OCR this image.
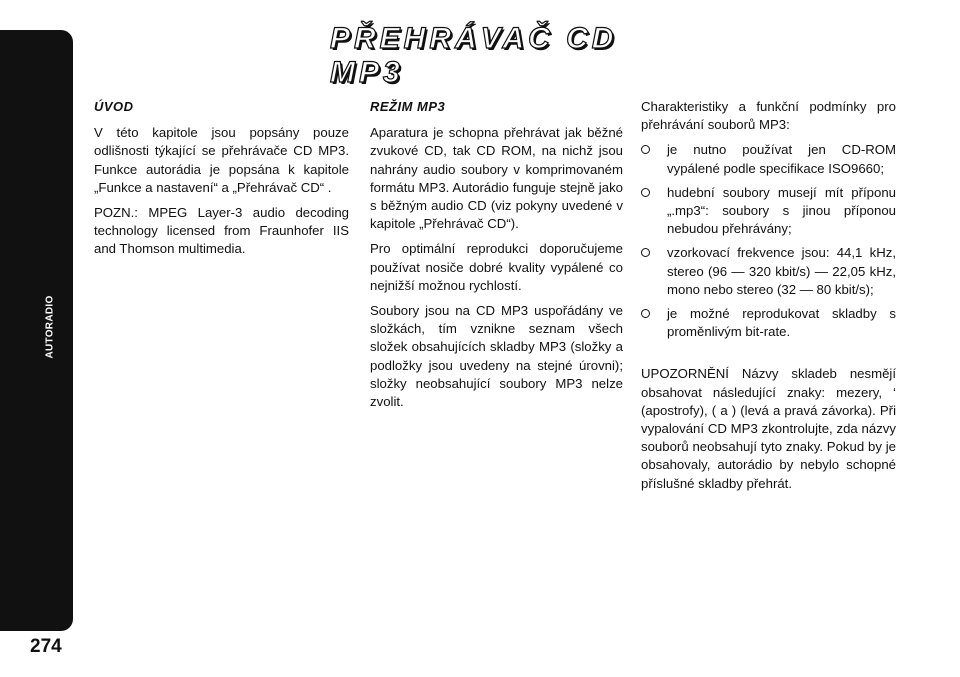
AUTORADIO
274
PŘEHRÁVAČ CD MP3
ÚVOD

V této kapitole jsou popsány pouze odlišnosti týkající se přehrávače CD MP3. Funkce autorádia je popsána k kapitole „Funkce a nastavení“ a „Přehrávač CD“ .

POZN.: MPEG Layer-3 audio decoding technology licensed from Fraunhofer IIS and Thomson multimedia.

REŽIM MP3

Aparatura je schopna přehrávat jak běžné zvukové CD, tak CD ROM, na nichž jsou nahrány audio soubory v komprimovaném formátu MP3. Autorádio funguje stejně jako s běžným audio CD (viz pokyny uvedené v kapitole „Přehrávač CD“).

Pro optimální reprodukci doporučujeme používat nosiče dobré kvality vypálené co nejnižší možnou rychlostí.

Soubory jsou na CD MP3 uspořádány ve složkách, tím vznikne seznam všech složek obsahujících skladby MP3 (složky a podložky jsou uvedeny na stejné úrovni); složky neobsahující soubory MP3 nelze zvolit.

Charakteristiky a funkční podmínky pro přehrávání souborů MP3:

je nutno používat jen CD-ROM vypálené podle specifikace ISO9660;
hudební soubory musejí mít příponu „.mp3“: soubory s jinou příponou nebudou přehrávány;
vzorkovací frekvence jsou: 44,1 kHz, stereo (96 — 320 kbit/s) — 22,05 kHz, mono nebo stereo (32 — 80 kbit/s);
je možné reprodukovat skladby s proměnlivým bit-rate.

UPOZORNĚNÍ Názvy skladeb nesmějí obsahovat následující znaky: mezery, ‘ (apostrofy), ( a ) (levá a pravá závorka). Při vypalování CD MP3 zkontrolujte, zda názvy souborů neobsahují tyto znaky. Pokud by je obsahovaly, autorádio by nebylo schopné příslušné skladby přehrát.
